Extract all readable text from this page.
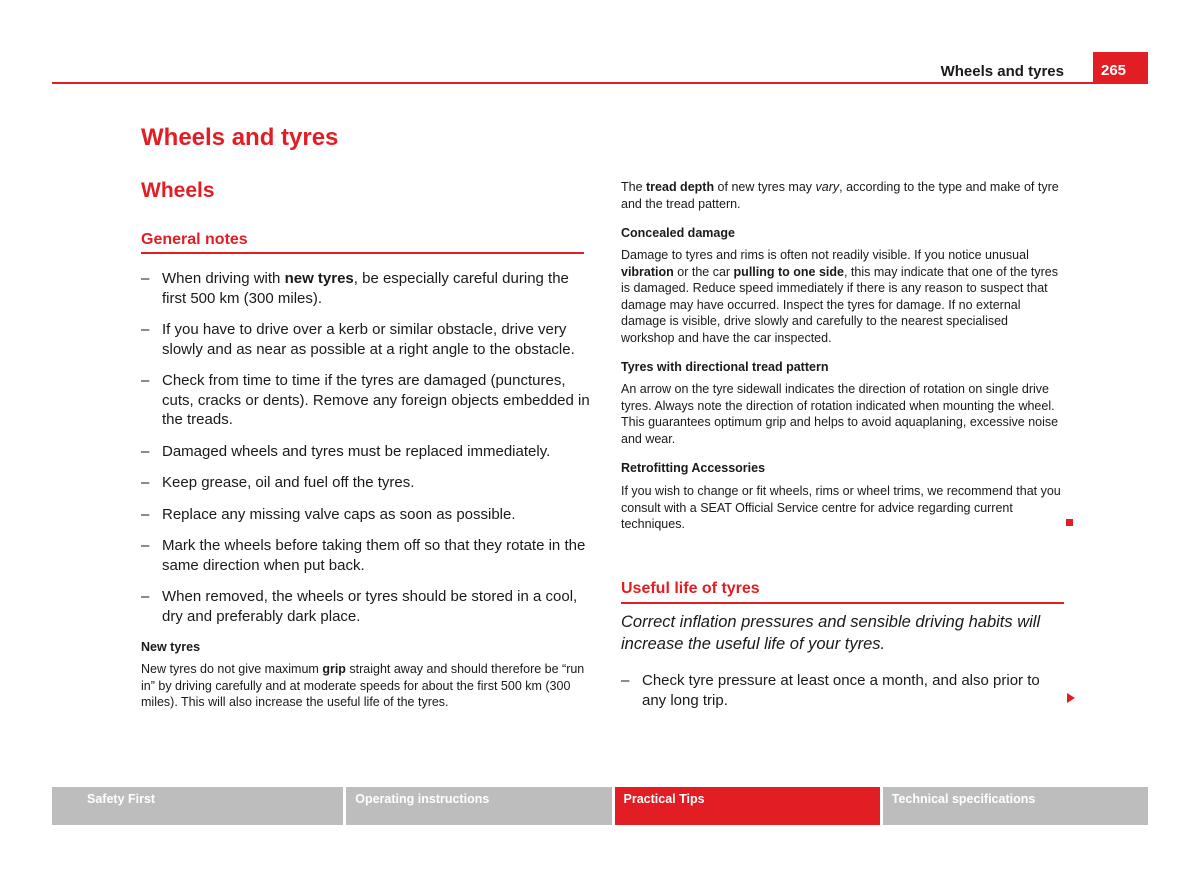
Wheels and tyres	265
Wheels and tyres
Wheels
General notes
– When driving with new tyres, be especially careful during the first 500 km (300 miles).
– If you have to drive over a kerb or similar obstacle, drive very slowly and as near as possible at a right angle to the obstacle.
– Check from time to time if the tyres are damaged (punctures, cuts, cracks or dents). Remove any foreign objects embedded in the treads.
– Damaged wheels and tyres must be replaced immediately.
– Keep grease, oil and fuel off the tyres.
– Replace any missing valve caps as soon as possible.
– Mark the wheels before taking them off so that they rotate in the same direction when put back.
– When removed, the wheels or tyres should be stored in a cool, dry and preferably dark place.
New tyres
New tyres do not give maximum grip straight away and should therefore be “run in” by driving carefully and at moderate speeds for about the first 500 km (300 miles). This will also increase the useful life of the tyres.
The tread depth of new tyres may vary, according to the type and make of tyre and the tread pattern.
Concealed damage
Damage to tyres and rims is often not readily visible. If you notice unusual vibration or the car pulling to one side, this may indicate that one of the tyres is damaged. Reduce speed immediately if there is any reason to suspect that damage may have occurred. Inspect the tyres for damage. If no external damage is visible, drive slowly and carefully to the nearest specialised workshop and have the car inspected.
Tyres with directional tread pattern
An arrow on the tyre sidewall indicates the direction of rotation on single drive tyres. Always note the direction of rotation indicated when mounting the wheel. This guarantees optimum grip and helps to avoid aquaplaning, excessive noise and wear.
Retrofitting Accessories
If you wish to change or fit wheels, rims or wheel trims, we recommend that you consult with a SEAT Official Service centre for advice regarding current techniques.
Useful life of tyres
Correct inflation pressures and sensible driving habits will increase the useful life of your tyres.
– Check tyre pressure at least once a month, and also prior to any long trip.
Safety First	Operating instructions	Practical Tips	Technical specifications
